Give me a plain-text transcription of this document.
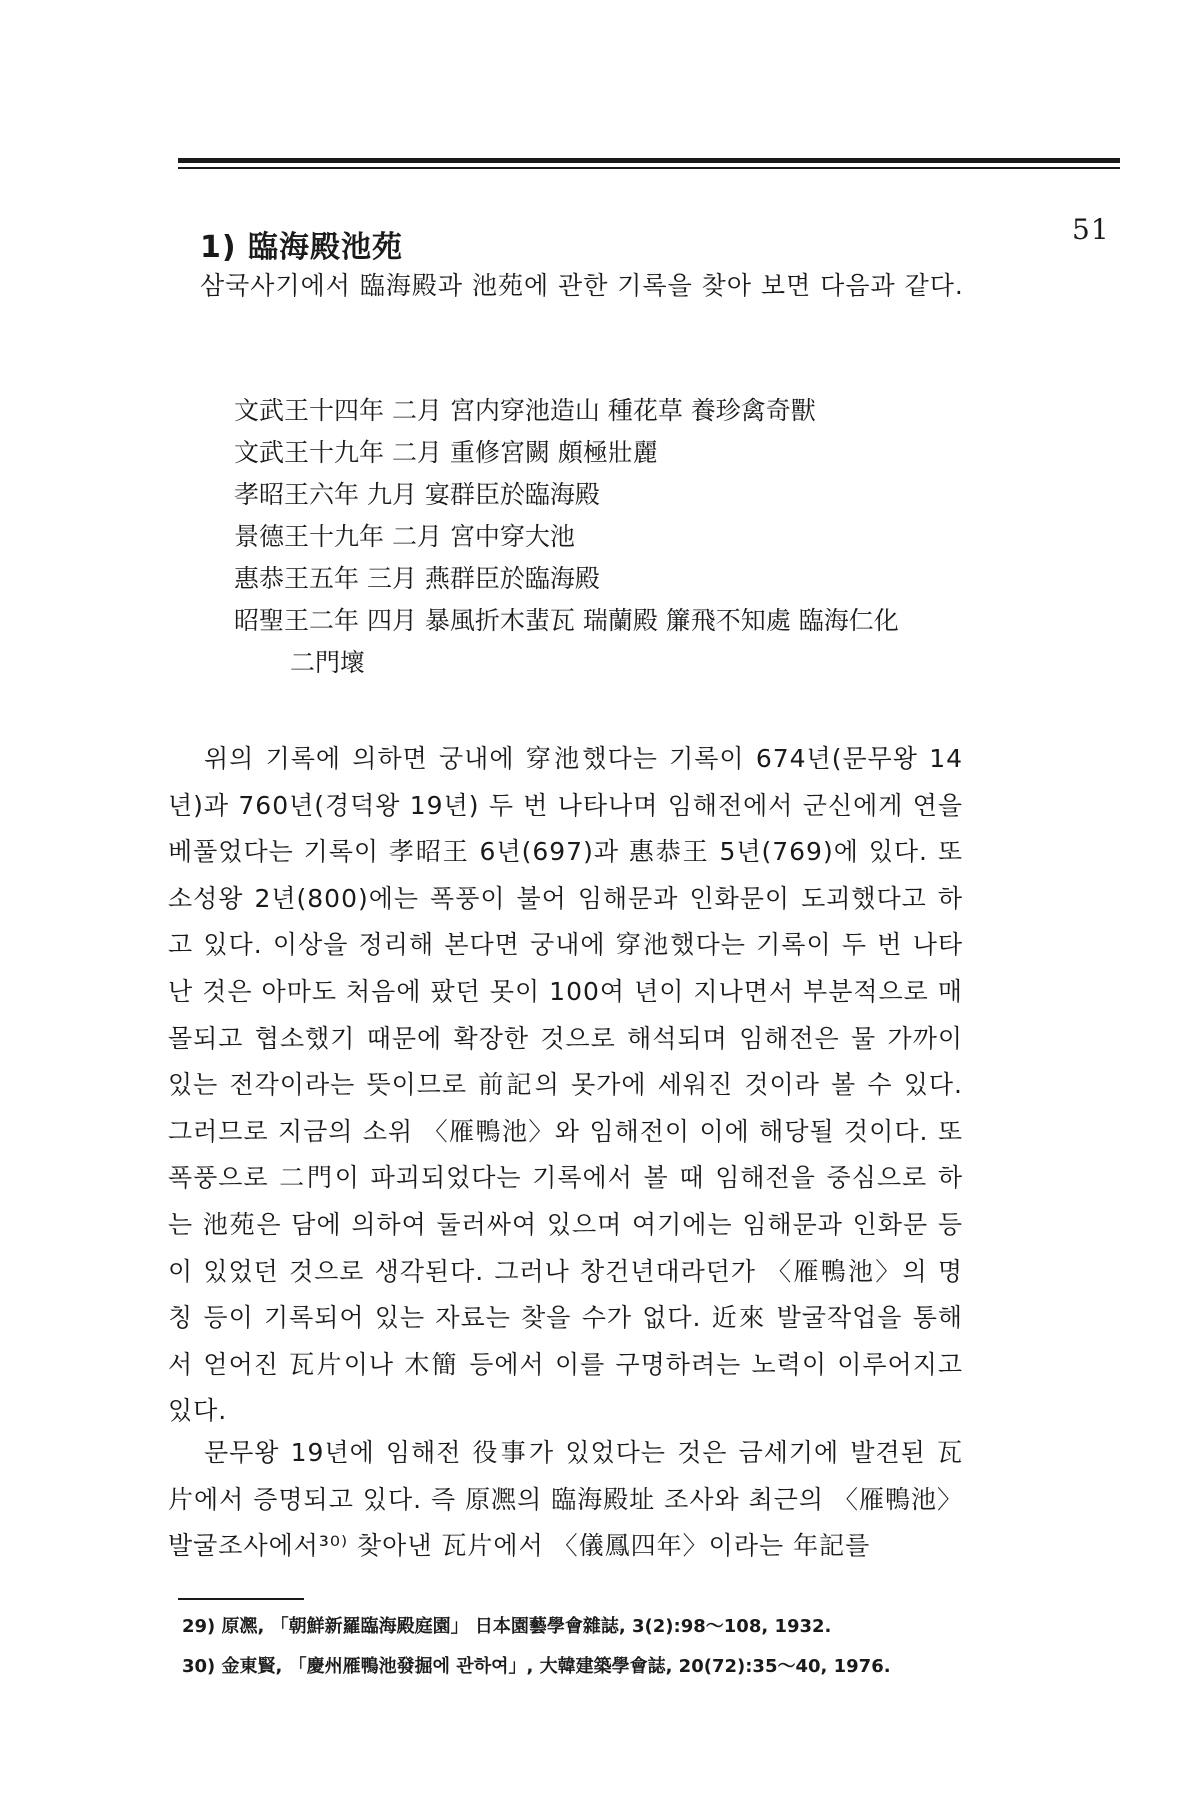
51
1) 臨海殿池苑
삼국사기에서 臨海殿과 池苑에 관한 기록을 찾아 보면 다음과 같다.
文武王十四年 二月 宮内穿池造山 種花草 養珍禽奇獸
文武王十九年 二月 重修宮闕 頗極壯麗
孝昭王六年 九月 宴群臣於臨海殿
景德王十九年 二月 宮中穿大池
惠恭王五年 三月 燕群臣於臨海殿
昭聖王二年 四月 暴風折木蜚瓦 瑞蘭殿 簾飛不知處 臨海仁化
二門壞
위의 기록에 의하면 궁내에 穿池했다는 기록이 674년(문무왕 14년)과 760년(경덕왕 19년) 두 번 나타나며 임해전에서 군신에게 연을 베풀었다는 기록이 孝昭王 6년(697)과 惠恭王 5년(769)에 있다. 또 소성왕 2년(800)에는 폭풍이 불어 임해문과 인화문이 도괴했다고 하고 있다. 이상을 정리해 본다면 궁내에 穿池했다는 기록이 두 번 나타난 것은 아마도 처음에 팠던 못이 100여 년이 지나면서 부분적으로 매몰되고 협소했기 때문에 확장한 것으로 해석되며 임해전은 물 가까이 있는 전각이라는 뜻이므로 前記의 못가에 세워진 것이라 볼 수 있다. 그러므로 지금의 소위 〈雁鴨池〉와 임해전이 이에 해당될 것이다. 또 폭풍으로 二門이 파괴되었다는 기록에서 볼 때 임해전을 중심으로 하는 池苑은 담에 의하여 둘러싸여 있으며 여기에는 임해문과 인화문 등이 있었던 것으로 생각된다. 그러나 창건년대라던가 〈雁鴨池〉의 명칭 등이 기록되어 있는 자료는 찾을 수가 없다. 近來 발굴작업을 통해서 얻어진 瓦片이나 木簡 등에서 이를 구명하려는 노력이 이루어지고 있다.
문무왕 19년에 임해전 役事가 있었다는 것은 금세기에 발견된 瓦片에서 증명되고 있다. 즉 原凞의 臨海殿址 조사와 최근의 〈雁鴨池〉 발굴조사에서³⁰⁾ 찾아낸 瓦片에서 〈儀鳳四年〉이라는 年記를
29) 原凞, 「朝鮮新羅臨海殿庭園」 日本園藝學會雜誌, 3(2):98～108, 1932.
30) 金東賢, 「慶州雁鴨池發掘에 관하여」, 大韓建築學會誌, 20(72):35～40, 1976.
